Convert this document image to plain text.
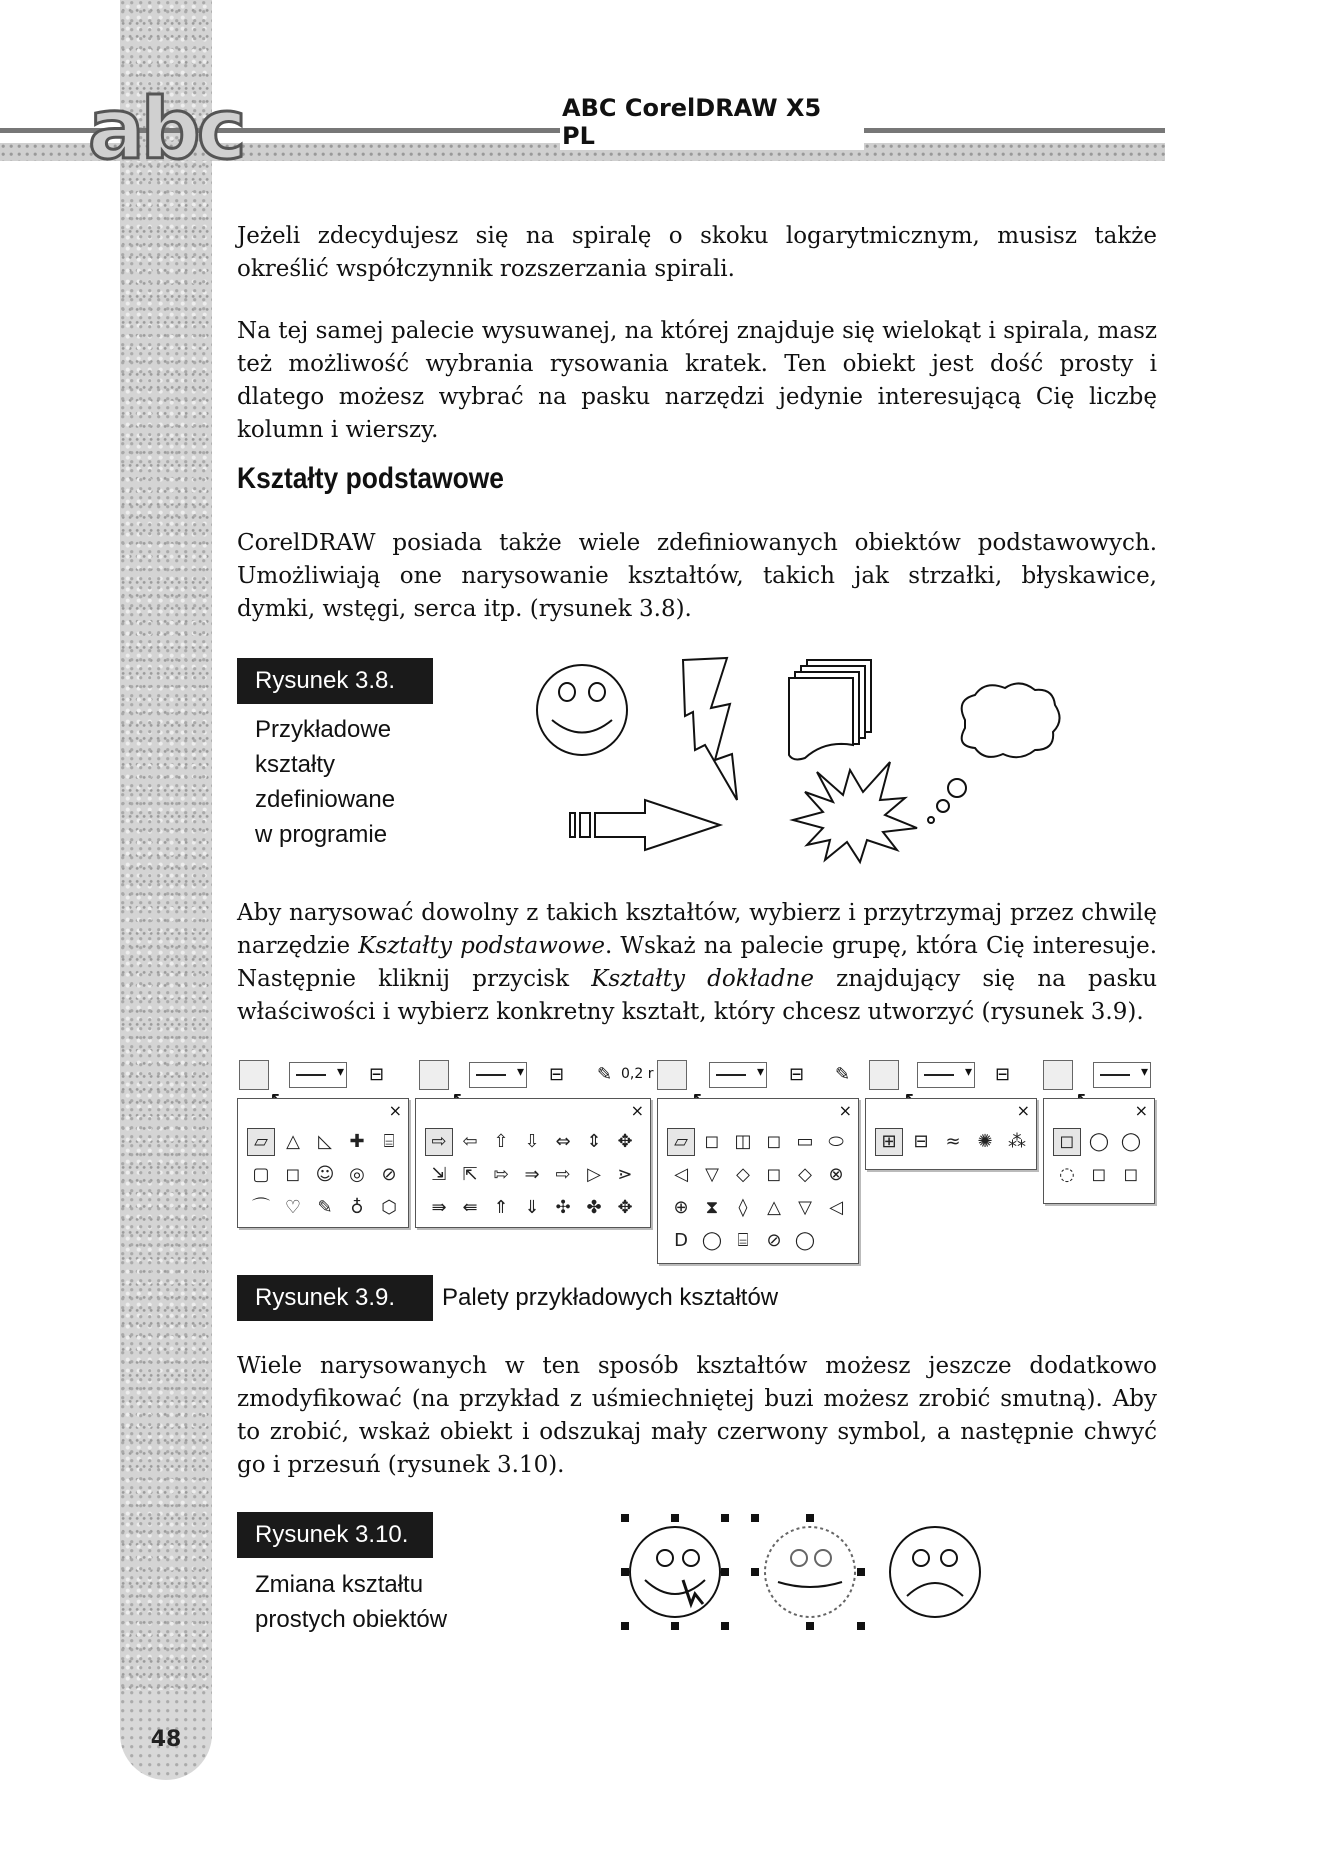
48
abc	ABC CorelDRAW X5 PL

Jeżeli zdecydujesz się na spiralę o skoku logarytmicznym, musisz także określić współczynnik rozszerzania spirali.

Na tej samej palecie wysuwanej, na której znajduje się wielokąt i spirala, masz też możliwość wybrania rysowania kratek. Ten obiekt jest dość prosty i dlatego możesz wybrać na pasku narzędzi jedynie interesującą Cię liczbę kolumn i wierszy.

Kształty podstawowe

CorelDRAW posiada także wiele zdefiniowanych obiektów podstawowych. Umożliwiają one narysowanie kształtów, takich jak strzałki, błyskawice, dymki, wstęgi, serca itp. (rysunek 3.8).

Rysunek 3.8.
Przykładowe
kształty
zdefiniowane
w programie

Aby narysować dowolny z takich kształtów, wybierz i przytrzymaj przez chwilę narzędzie Kształty podstawowe. Wskaż na palecie grupę, która Cię interesuje. Następnie kliknij przycisk Kształty dokładne znajdujący się na pasku właściwości i wybierz konkretny kształt, który chcesz utworzyć (rysunek 3.9).

▾
⊟ ▾	⊟ ✎ 0,2 r ▾	⊟ ✎ ▾	⊟
▾
×
▱	△	◺ ✚	⌸
▢ ◻ ☺ ◎ ⊘
⌒ ♡ ✎ ♁ ⬡
×
⇨ ⇦ ⇧ ⇩ ⇔ ⇕ ✥
⇲ ⇱ ⇰ ⇒ ⇨ ▷ ⋗
⇛ ⇚ ⇑ ⇓ ✣ ✤ ✥
×
▱ ◻ ◫ ◻ ▭ ⬭
◁ ▽ ◇ ◻ ◇ ⊗
⊕ ⧗	◊	△ ▽ ◁
D ◯ ⌸	⊘ ◯
×
⊞ ⊟ ≈ ✺ ⁂
×
◻ ◯ ◯
◌ ◻ ◻
Rysunek 3.9.	Palety przykładowych kształtów

Wiele narysowanych w ten sposób kształtów możesz jeszcze dodatkowo zmodyfikować (na przykład z uśmiechniętej buzi możesz zrobić smutną). Aby to zrobić, wskaż obiekt i odszukaj mały czerwony symbol, a następnie chwyć go i przesuń (rysunek 3.10).

Rysunek 3.10.
Zmiana kształtu
prostych obiektów
